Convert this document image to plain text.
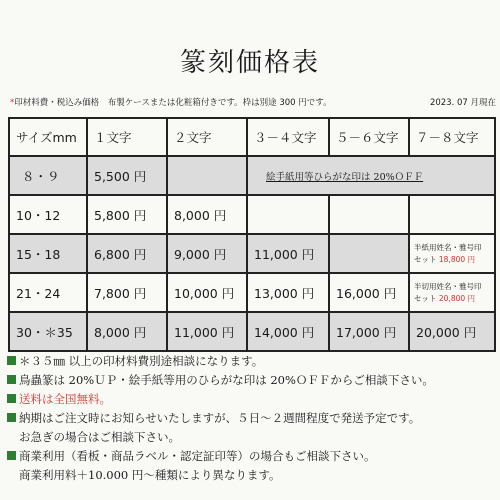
篆刻価格表
*印材料費・税込み価格　布製ケースまたは化粧箱付きです。枠は別途 300 円です。	2023. 07 月現在
サイズmm	１文字	２文字	３－４文字	５－６文字	７－８文字
８・９	5,500 円		絵手紙用等ひらがな印は 20%ＯＦＦ		
10・12	5,800 円	8,000 円			
15・18	6,800 円	9,000 円	11,000 円		半紙用姓名・雅号印
セット 18,800 円

21・24	7,800 円	10,000 円	13,000 円	16,000 円	半切用姓名・雅号印
セット 20,800 円

30・＊35	8,000 円	11,000 円	14,000 円	17,000 円	20,000 円
＊３５㎜ 以上の印材料費別途相談になります。
鳥蟲篆は 20%ＵＰ・絵手紙等用のひらがな印は 20%ＯＦＦからご相談下さい。
送料は全国無料。
納期はご注文時にお知らせいたしますが、５日～２週間程度で発送予定です。
お急ぎの場合はご相談下さい。
商業利用（看板・商品ラベル・認定証印等）の場合もご相談下さい。
商業利用料＋10.000 円～種類により異なります。
